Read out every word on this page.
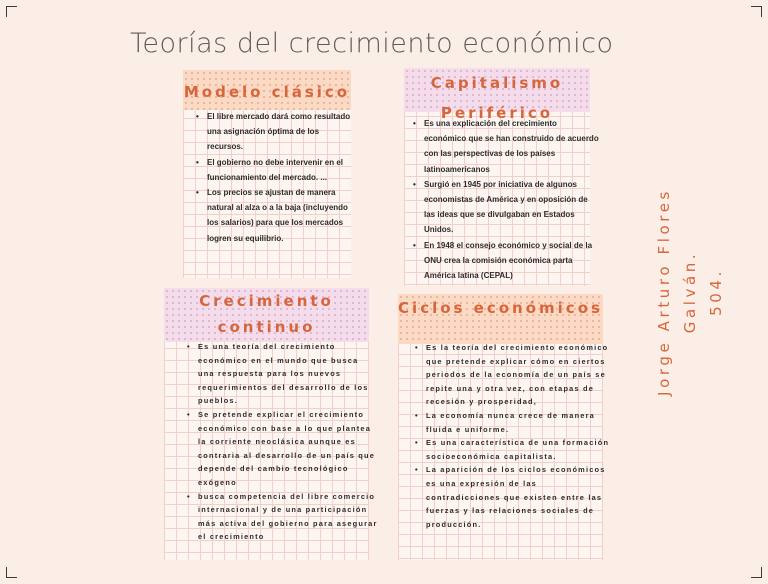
Teorías del crecimiento económico
Modelo clásico
• El libre mercado dará como resultado una asignación óptima de los recursos.
• El gobierno no debe intervenir en el funcionamiento del mercado. ...
• Los precios se ajustan de manera natural al alza o a la baja (incluyendo los salarios) para que los mercados logren su equilibrio.
Capitalismo Periférico
• Es una explicación del crecimiento económico que se han construido de acuerdo con las perspectivas de los países latinoamericanos
• Surgió en 1945 por iniciativa de algunos economistas de América y en oposición de las ideas que se divulgaban en Estados Unidos.
• En 1948 el consejo económico y social de la ONU crea la comisión económica parta América latina (CEPAL)
Crecimiento continuo
• Es una teoría del crecimiento económico en el mundo que busca una respuesta para los nuevos requerimientos del desarrollo de los pueblos.
• Se pretende explicar el crecimiento económico con base a lo que plantea la corriente neoclásica aunque es contraria al desarrollo de un país que depende del cambio tecnológico exógeno
• busca competencia del libre comercio internacional y de una participación más activa del gobierno para asegurar el crecimiento
Ciclos económicos
• Es la teoría del crecimiento económico que pretende explicar cómo en ciertos periodos de la economía de un país se repite una y otra vez, con etapas de recesión y prosperidad,
• La economía nunca crece de manera fluida e uniforme.
• Es una característica de una formación socioeconómica capitalista.
• La aparición de los ciclos económicos es una expresión de las contradicciones que existen entre las fuerzas y las relaciones sociales de producción.
Jorge Arturo Flores Galván. 504.
